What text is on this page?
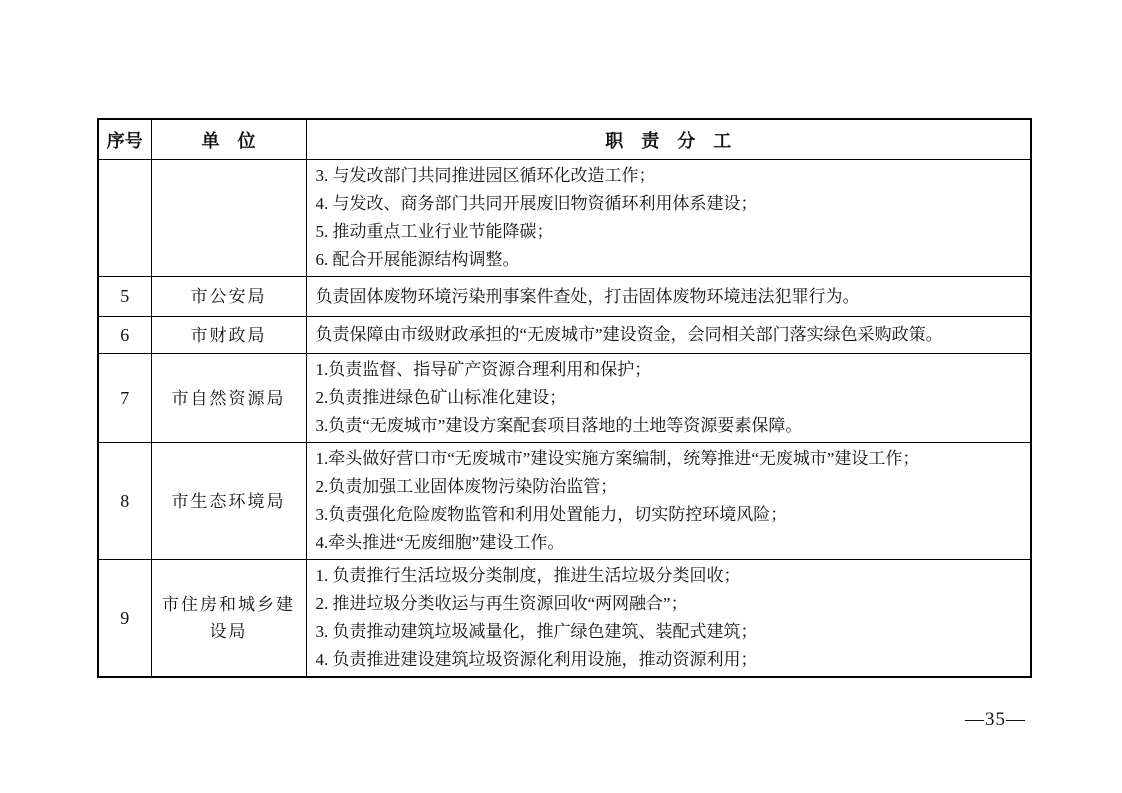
序号	单　位	职　责　分　工

		3. 与发改部门共同推进园区循环化改造工作；
4. 与发改、商务部门共同开展废旧物资循环利用体系建设；
5. 推动重点工业行业节能降碳；
6. 配合开展能源结构调整。

5	市公安局	负责固体废物环境污染刑事案件查处，打击固体废物环境违法犯罪行为。

6	市财政局	负责保障由市级财政承担的“无废城市”建设资金，会同相关部门落实绿色采购政策。

7	市自然资源局	1.负责监督、指导矿产资源合理利用和保护；
2.负责推进绿色矿山标准化建设；
3.负责“无废城市”建设方案配套项目落地的土地等资源要素保障。

8	市生态环境局	1.牵头做好营口市“无废城市”建设实施方案编制，统筹推进“无废城市”建设工作；
2.负责加强工业固体废物污染防治监管；
3.负责强化危险废物监管和利用处置能力，切实防控环境风险；
4.牵头推进“无废细胞”建设工作。

9	市住房和城乡建设局	1. 负责推行生活垃圾分类制度，推进生活垃圾分类回收；
2. 推进垃圾分类收运与再生资源回收“两网融合”；
3. 负责推动建筑垃圾减量化，推广绿色建筑、装配式建筑；
4. 负责推进建设建筑垃圾资源化利用设施，推动资源利用；
—35—
